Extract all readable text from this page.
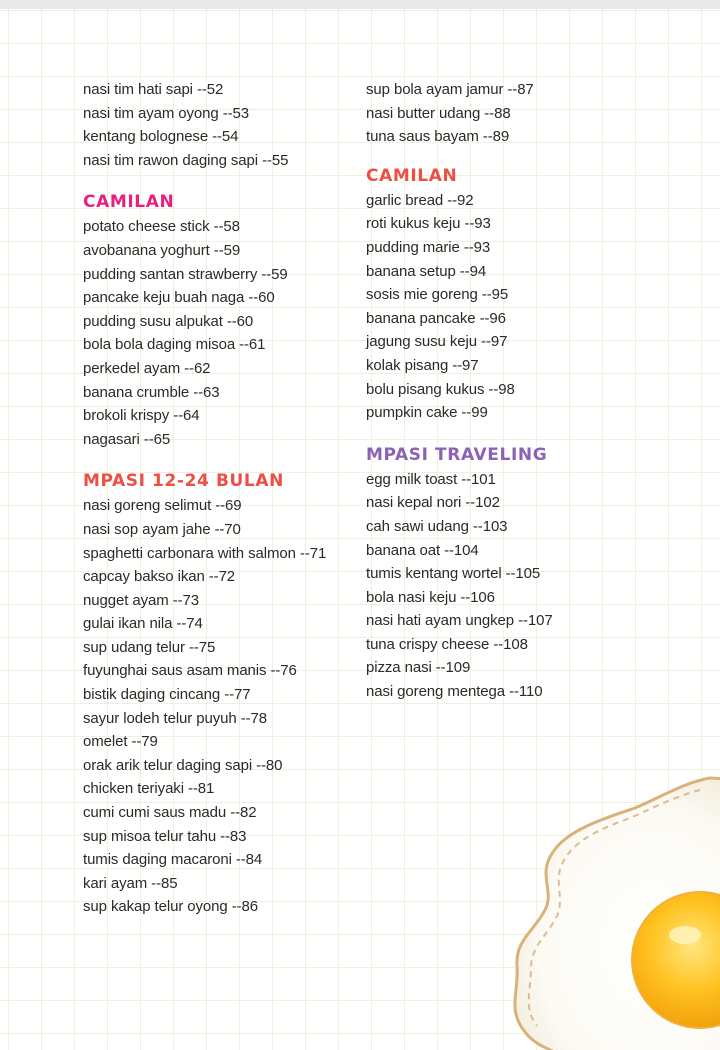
nasi tim hati sapi --52
nasi tim ayam oyong --53
kentang bolognese --54
nasi tim rawon daging sapi --55
CAMILAN
potato cheese stick --58
avobanana yoghurt --59
pudding santan strawberry --59
pancake keju buah naga --60
pudding susu alpukat --60
bola bola daging misoa --61
perkedel ayam --62
banana crumble --63
brokoli krispy --64
nagasari --65
MPASI 12-24 BULAN
nasi goreng selimut --69
nasi sop ayam jahe --70
spaghetti carbonara with salmon --71
capcay bakso ikan --72
nugget ayam --73
gulai ikan nila --74
sup udang telur --75
fuyunghai saus asam manis --76
bistik daging cincang --77
sayur lodeh telur puyuh --78
omelet --79
orak arik telur daging sapi --80
chicken teriyaki --81
cumi cumi saus madu --82
sup misoa telur tahu --83
tumis daging macaroni --84
kari ayam --85
sup kakap telur oyong --86
sup bola ayam jamur --87
nasi butter udang --88
tuna saus bayam --89
CAMILAN
garlic bread --92
roti kukus keju --93
pudding marie --93
banana setup --94
sosis mie goreng --95
banana pancake --96
jagung susu keju --97
kolak pisang --97
bolu pisang kukus --98
pumpkin cake --99
MPASI TRAVELING
egg milk toast --101
nasi kepal nori --102
cah sawi udang --103
banana oat --104
tumis kentang wortel --105
bola nasi keju --106
nasi hati ayam ungkep --107
tuna crispy cheese --108
pizza nasi --109
nasi goreng mentega --110
